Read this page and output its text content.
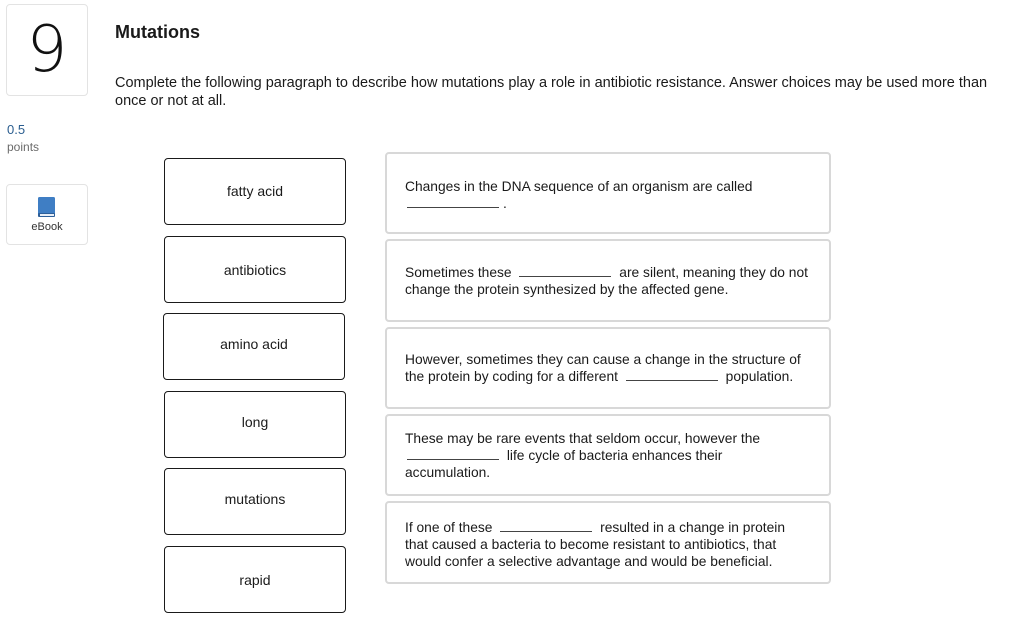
9
0.5
points
eBook
Mutations
Complete the following paragraph to describe how mutations play a role in antibiotic resistance. Answer choices may be used more than once or not at all.
fatty acid
antibiotics
amino acid
long
mutations
rapid
Changes in the DNA sequence of an organism are called
.
Sometimes these	are silent, meaning they do not change the protein synthesized by the affected gene.
However, sometimes they can cause a change in the structure of the protein by coding for a different	population.
These may be rare events that seldom occur, however the
life cycle of bacteria enhances their accumulation.
If one of these	resulted in a change in protein that caused a bacteria to become resistant to antibiotics, that would confer a selective advantage and would be beneficial.
